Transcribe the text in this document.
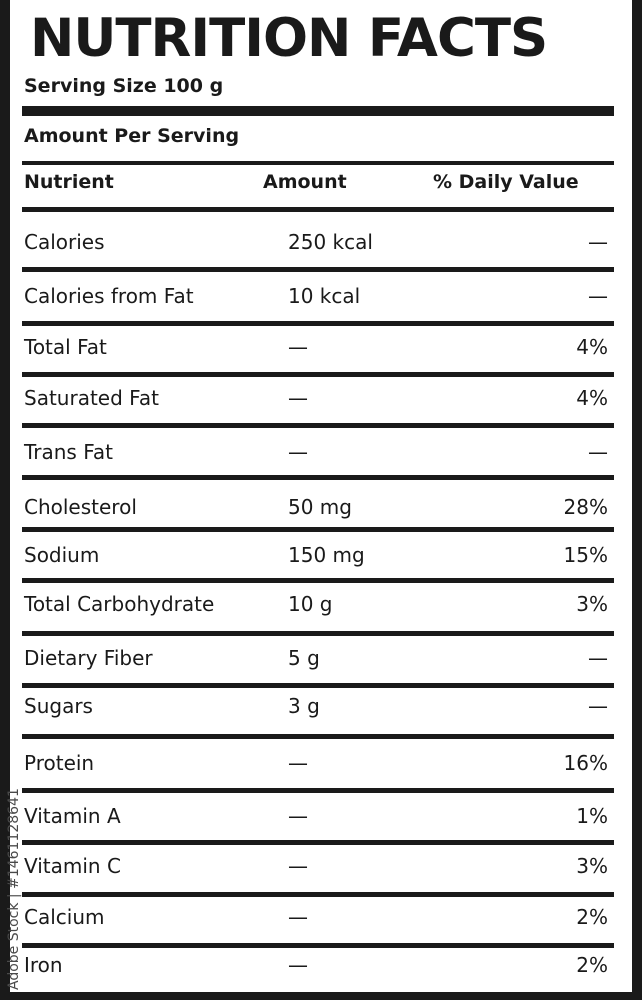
NUTRITION FACTS
Serving Size 100 g
Amount Per Serving
Nutrient	Amount	% Daily Value
Calories	250 kcal	—
Calories from Fat	10 kcal	—
Total Fat	—	4%
Saturated Fat	—	4%
Trans Fat	—	—
Cholesterol	50 mg	28%
Sodium	150 mg	15%
Total Carbohydrate	10 g	3%
Dietary Fiber	5 g	—
Sugars	3 g	—
Protein	—	16%
Vitamin A	—	1%
Vitamin C	—	3%
Calcium	—	2%
Iron	—	2%
Adobe Stock | #1461128641
